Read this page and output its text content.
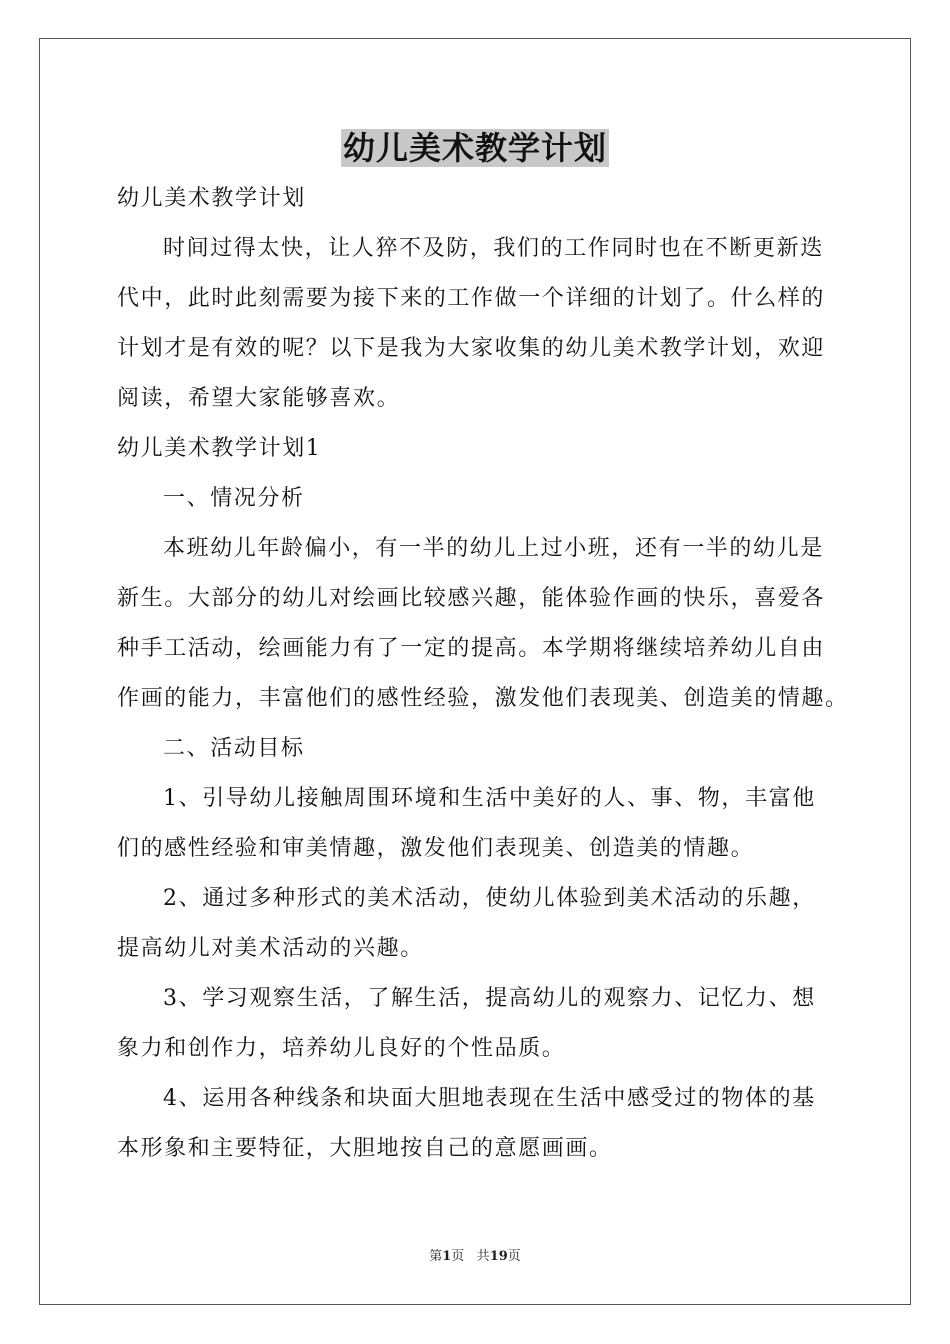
幼儿美术教学计划
幼儿美术教学计划
时间过得太快，让人猝不及防，我们的工作同时也在不断更新迭
代中，此时此刻需要为接下来的工作做一个详细的计划了。什么样的
计划才是有效的呢？以下是我为大家收集的幼儿美术教学计划，欢迎
阅读，希望大家能够喜欢。
幼儿美术教学计划1
一、情况分析
本班幼儿年龄偏小，有一半的幼儿上过小班，还有一半的幼儿是
新生。大部分的幼儿对绘画比较感兴趣，能体验作画的快乐，喜爱各
种手工活动，绘画能力有了一定的提高。本学期将继续培养幼儿自由
作画的能力，丰富他们的感性经验，激发他们表现美、创造美的情趣。
二、活动目标
1、引导幼儿接触周围环境和生活中美好的人、事、物，丰富他
们的感性经验和审美情趣，激发他们表现美、创造美的情趣。
2、通过多种形式的美术活动，使幼儿体验到美术活动的乐趣，
提高幼儿对美术活动的兴趣。
3、学习观察生活，了解生活，提高幼儿的观察力、记忆力、想
象力和创作力，培养幼儿良好的个性品质。
4、运用各种线条和块面大胆地表现在生活中感受过的物体的基
本形象和主要特征，大胆地按自己的意愿画画。
第1页 共19页
